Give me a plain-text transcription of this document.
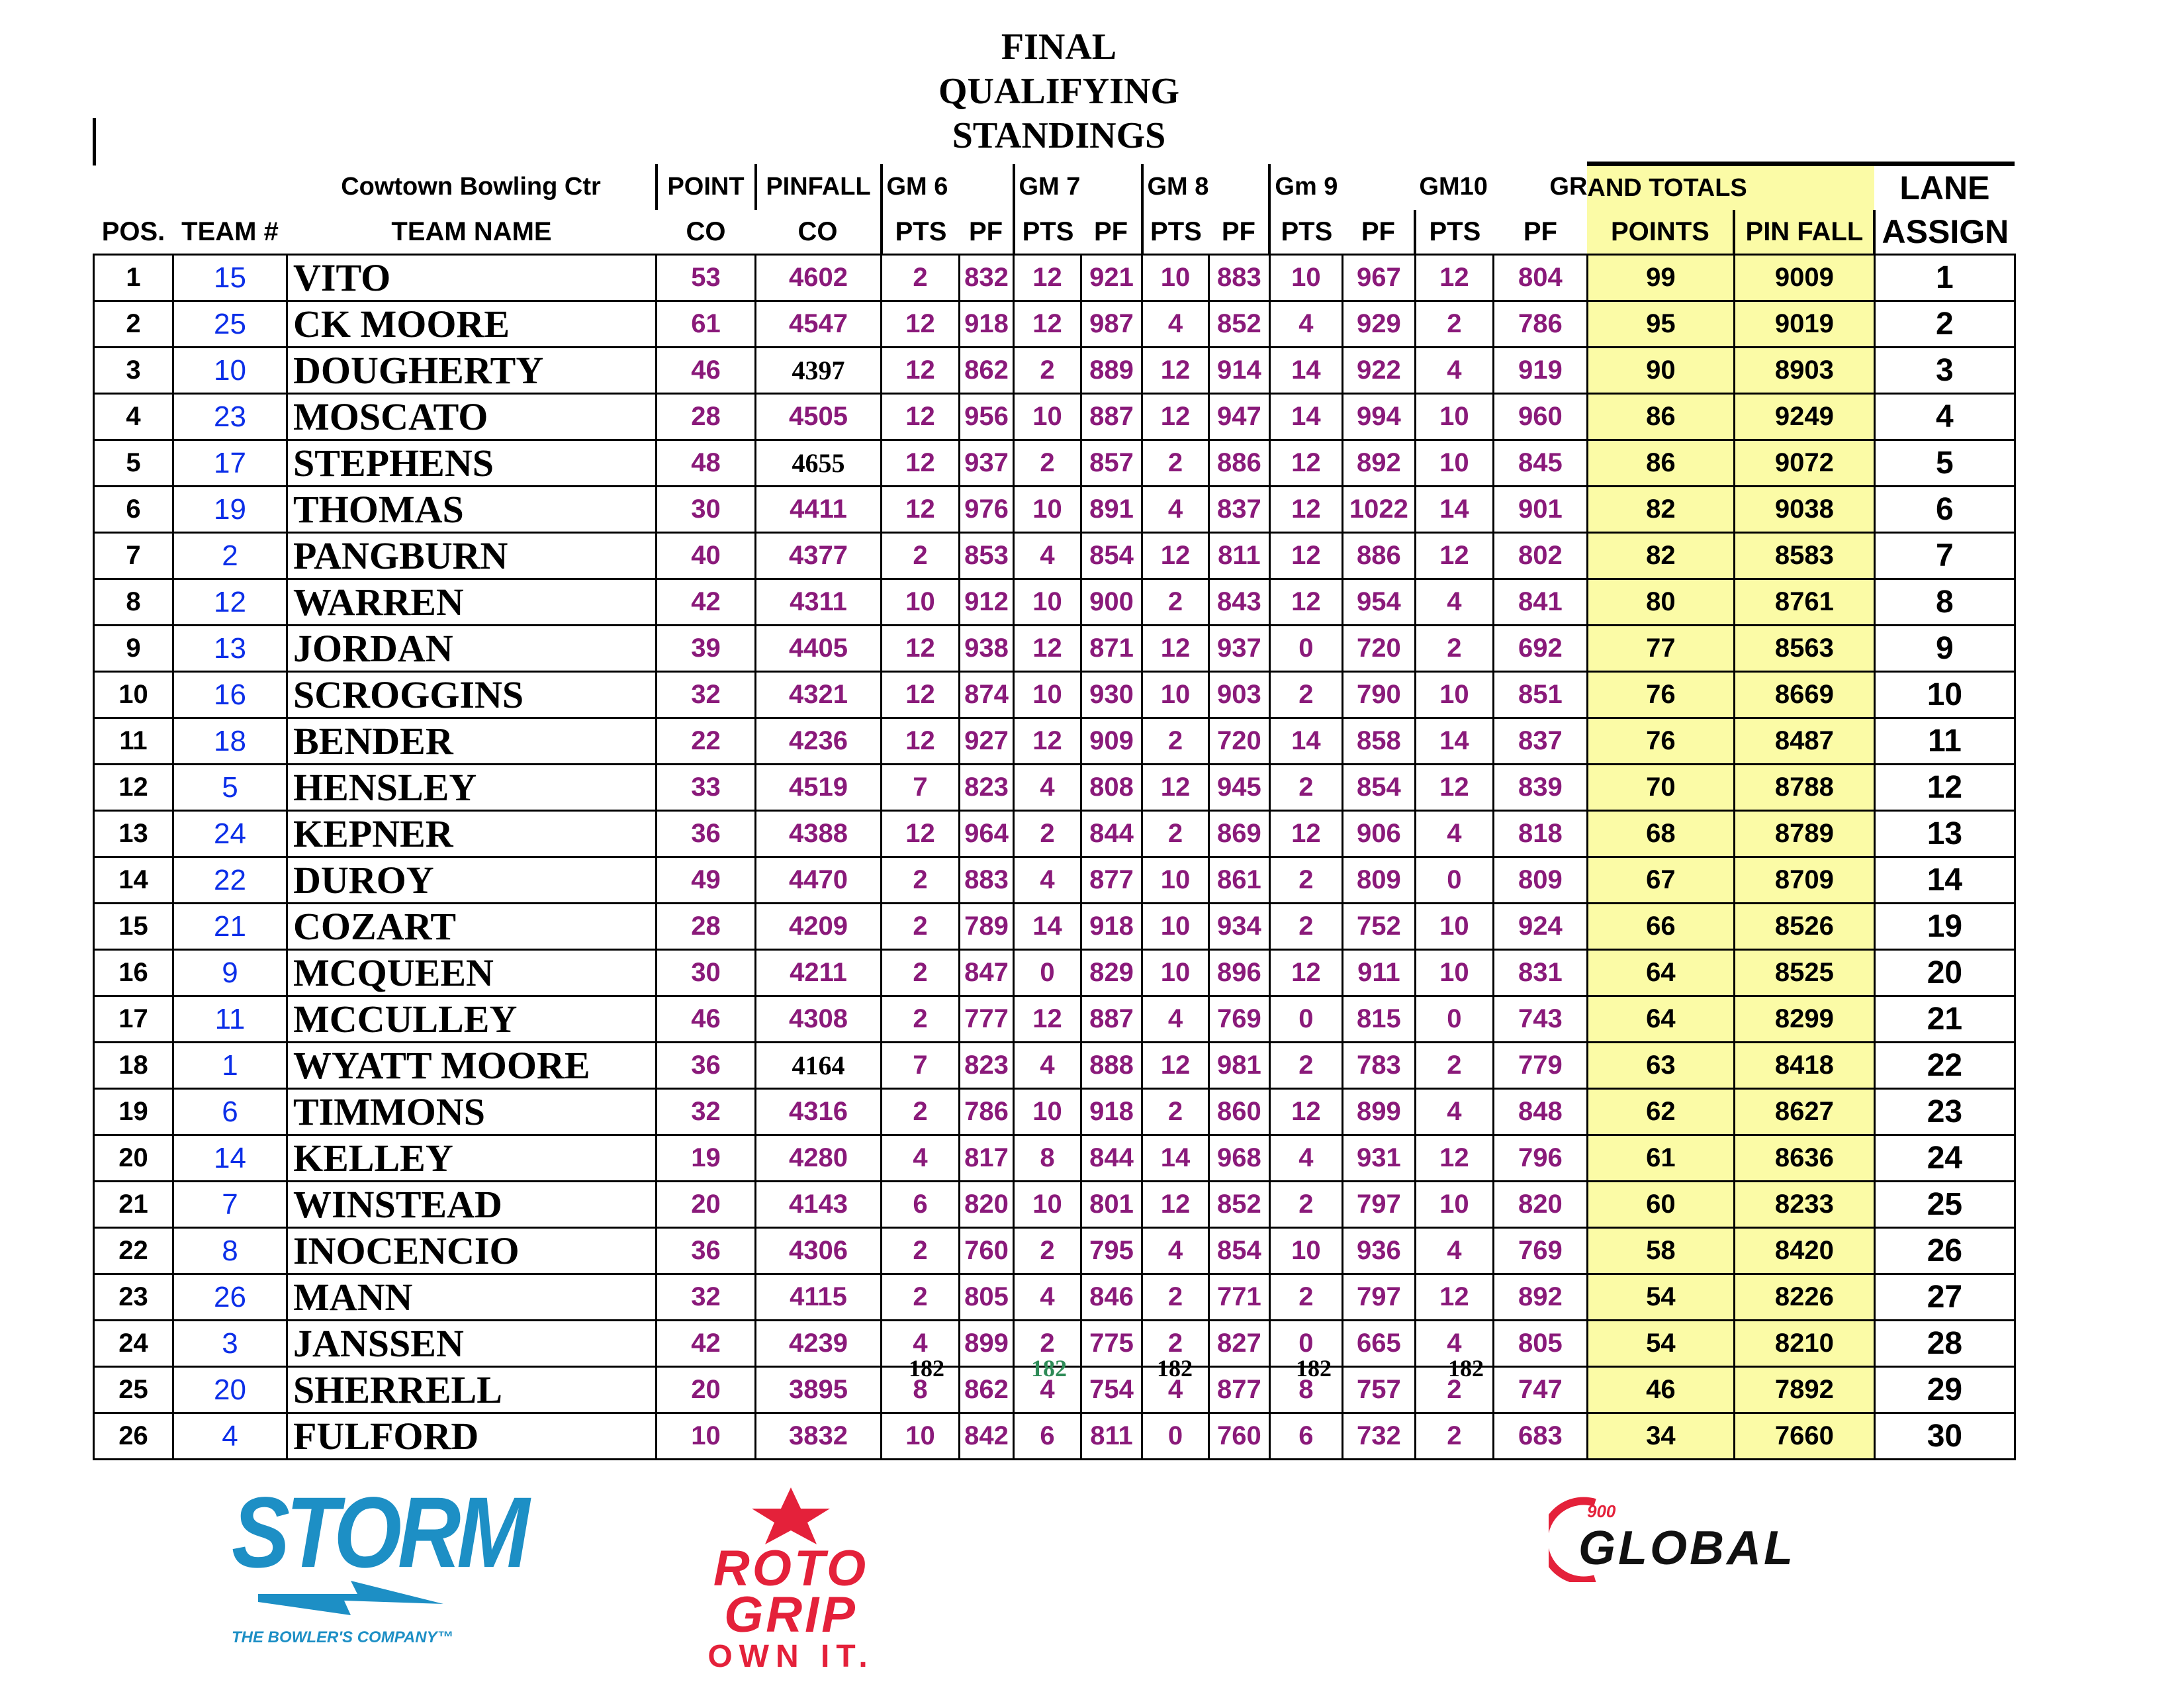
FINAL
QUALIFYING
STANDINGS
		Cowtown Bowling Ctr	POINT	PINFALL	GM 6		GM 7		GM 8		Gm 9		GM10	GR	AND TOTALS		LANE
POS.	TEAM #	TEAM NAME	CO	CO	PTS	PF	PTS	PF	PTS	PF	PTS	PF	PTS	PF	POINTS	PIN FALL	ASSIGN
1	15	VITO	53	4602	2	832	12	921	10	883	10	967	12	804	99	9009	1
2	25	CK MOORE	61	4547	12	918	12	987	4	852	4	929	2	786	95	9019	2
3	10	DOUGHERTY	46	4397	12	862	2	889	12	914	14	922	4	919	90	8903	3
4	23	MOSCATO	28	4505	12	956	10	887	12	947	14	994	10	960	86	9249	4
5	17	STEPHENS	48	4655	12	937	2	857	2	886	12	892	10	845	86	9072	5
6	19	THOMAS	30	4411	12	976	10	891	4	837	12	1022	14	901	82	9038	6
7	2	PANGBURN	40	4377	2	853	4	854	12	811	12	886	12	802	82	8583	7
8	12	WARREN	42	4311	10	912	10	900	2	843	12	954	4	841	80	8761	8
9	13	JORDAN	39	4405	12	938	12	871	12	937	0	720	2	692	77	8563	9
10	16	SCROGGINS	32	4321	12	874	10	930	10	903	2	790	10	851	76	8669	10
11	18	BENDER	22	4236	12	927	12	909	2	720	14	858	14	837	76	8487	11
12	5	HENSLEY	33	4519	7	823	4	808	12	945	2	854	12	839	70	8788	12
13	24	KEPNER	36	4388	12	964	2	844	2	869	12	906	4	818	68	8789	13
14	22	DUROY	49	4470	2	883	4	877	10	861	2	809	0	809	67	8709	14
15	21	COZART	28	4209	2	789	14	918	10	934	2	752	10	924	66	8526	19
16	9	MCQUEEN	30	4211	2	847	0	829	10	896	12	911	10	831	64	8525	20
17	11	MCCULLEY	46	4308	2	777	12	887	4	769	0	815	0	743	64	8299	21
18	1	WYATT MOORE	36	4164	7	823	4	888	12	981	2	783	2	779	63	8418	22
19	6	TIMMONS	32	4316	2	786	10	918	2	860	12	899	4	848	62	8627	23
20	14	KELLEY	19	4280	4	817	8	844	14	968	4	931	12	796	61	8636	24
21	7	WINSTEAD	20	4143	6	820	10	801	12	852	2	797	10	820	60	8233	25
22	8	INOCENCIO	36	4306	2	760	2	795	4	854	10	936	4	769	58	8420	26
23	26	MANN	32	4115	2	805	4	846	2	771	2	797	12	892	54	8226	27
24	3	JANSSEN	42	4239	4	899	2	775	2	827	0	665	4	805	54	8210	28
25	20	SHERRELL	20	3895	8	862	4	754	4	877	8	757	2	747	46	7892	29
26	4	FULFORD	10	3832	10	842	6	811	0	760	6	732	2	683	34	7660	30
182	182	182	182	182
STORM
THE BOWLER'S COMPANY™
ROTO
GRIP
OWN IT.
900
GLOBAL
